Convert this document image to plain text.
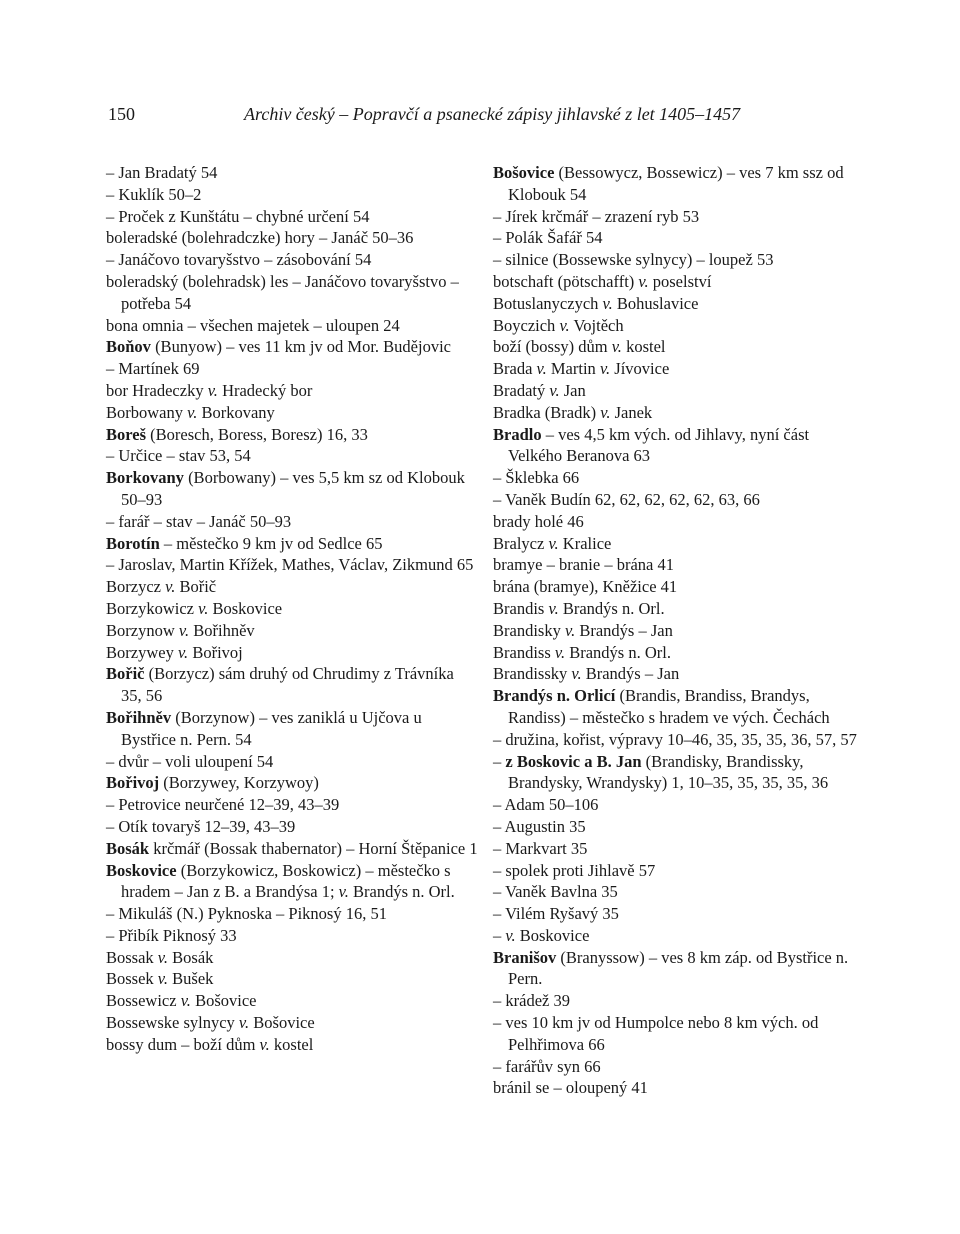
150	Archiv český – Popravčí a psanecké zápisy jihlavské z let 1405–1457
– Jan Bradatý 54
– Kuklík 50–2
– Proček z Kunštátu – chybné určení 54
boleradské (bolehradczke) hory – Janáč 50–36
– Janáčovo tovaryšstvo – zásobování 54
boleradský (bolehradsk) les – Janáčovo tovaryšstvo – potřeba 54
bona omnia – všechen majetek – uloupen 24
Boňov (Bunyow) – ves 11 km jv od Mor. Budějovic
– Martínek 69
bor Hradeczky v. Hradecký bor
Borbowany v. Borkovany
Boreš (Boresch, Boress, Boresz) 16, 33
– Určice – stav 53, 54
Borkovany (Borbowany) – ves 5,5 km sz od Klobouk 50–93
– farář – stav – Janáč 50–93
Borotín – městečko 9 km jv od Sedlce 65
– Jaroslav, Martin Křížek, Mathes, Václav, Zikmund 65
Borzycz v. Bořič
Borzykowicz v. Boskovice
Borzynow v. Bořihněv
Borzywey v. Bořivoj
Bořič (Borzycz) sám druhý od Chrudimy z Trávníka 35, 56
Bořihněv (Borzynow) – ves zaniklá u Ujčova u Bystřice n. Pern. 54
– dvůr – voli uloupení 54
Bořivoj (Borzywey, Korzywoy)
– Petrovice neurčené 12–39, 43–39
– Otík tovaryš 12–39, 43–39
Bosák krčmář (Bossak thabernator) – Horní Štěpanice 1
Boskovice (Borzykowicz, Boskowicz) – městečko s hradem – Jan z B. a Brandýsa 1; v. Brandýs n. Orl.
– Mikuláš (N.) Pyknoska – Piknosý 16, 51
– Přibík Piknosý 33
Bossak v. Bosák
Bossek v. Bušek
Bossewicz v. Bošovice
Bossewske sylnycy v. Bošovice
bossy dum – boží dům v. kostel
Bošovice (Bessowycz, Bossewicz) – ves 7 km ssz od Klobouk 54
– Jírek krčmář – zrazení ryb 53
– Polák Šafář 54
– silnice (Bossewske sylnycy) – loupež 53
botschaft (pötschafft) v. poselství
Botuslanyczych v. Bohuslavice
Boyczich v. Vojtěch
boží (bossy) dům v. kostel
Brada v. Martin v. Jívovice
Bradatý v. Jan
Bradka (Bradk) v. Janek
Bradlo – ves 4,5 km vých. od Jihlavy, nyní část Velkého Beranova 63
– Šklebka 66
– Vaněk Budín 62, 62, 62, 62, 62, 63, 66
brady holé 46
Bralycz v. Kralice
bramye – branie – brána 41
brána (bramye), Kněžice 41
Brandis v. Brandýs n. Orl.
Brandisky v. Brandýs – Jan
Brandiss v. Brandýs n. Orl.
Brandissky v. Brandýs – Jan
Brandýs n. Orlicí (Brandis, Brandiss, Brandys, Randiss) – městečko s hradem ve vých. Čechách
– družina, kořist, výpravy 10–46, 35, 35, 35, 36, 57, 57
– z Boskovic a B. Jan (Brandisky, Brandissky, Brandysky, Wrandysky) 1, 10–35, 35, 35, 35, 36
– Adam 50–106
– Augustin 35
– Markvart 35
– spolek proti Jihlavě 57
– Vaněk Bavlna 35
– Vilém Ryšavý 35
– v. Boskovice
Branišov (Branyssow) – ves 8 km záp. od Bystřice n. Pern.
– krádež 39
– ves 10 km jv od Humpolce nebo 8 km vých. od Pelhřimova 66
– farářův syn 66
bránil se – oloupený 41
